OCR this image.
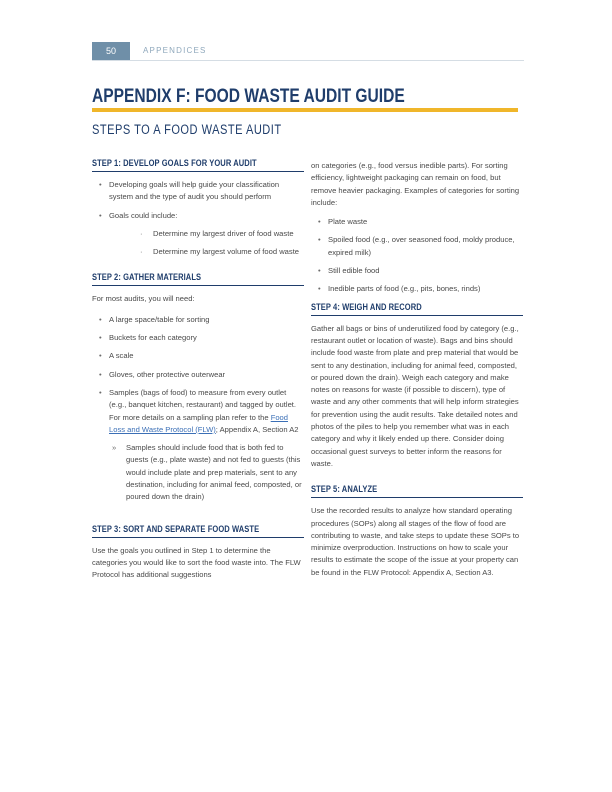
50	APPENDICES
APPENDIX F: FOOD WASTE AUDIT GUIDE
STEPS TO A FOOD WASTE AUDIT
STEP 1: DEVELOP GOALS FOR YOUR AUDIT
• Developing goals will help guide your classification system and the type of audit you should perform
• Goals could include:
· Determine my largest driver of food waste
· Determine my largest volume of food waste
STEP 2: GATHER MATERIALS

For most audits, you will need:

• A large space/table for sorting
• Buckets for each category
• A scale
• Gloves, other protective outerwear
• Samples (bags of food) to measure from every outlet (e.g., banquet kitchen, restaurant) and tagged by outlet. For more details on a sampling plan refer to the Food Loss and Waste Protocol (FLW); Appendix A, Section A2
» Samples should include food that is both fed to guests (e.g., plate waste) and not fed to guests (this would include plate and prep materials, sent to any destination, including for animal feed, composted, or poured down the drain)
STEP 3: SORT AND SEPARATE FOOD WASTE

Use the goals you outlined in Step 1 to determine the categories you would like to sort the food waste into. The FLW Protocol has additional suggestions

on categories (e.g., food versus inedible parts). For sorting efficiency, lightweight packaging can remain on food, but remove heavier packaging. Examples of categories for sorting include:

• Plate waste
• Spoiled food (e.g., over seasoned food, moldy produce, expired milk)
• Still edible food
• Inedible parts of food (e.g., pits, bones, rinds)
STEP 4: WEIGH AND RECORD

Gather all bags or bins of underutilized food by category (e.g., restaurant outlet or location of waste). Bags and bins should include food waste from plate and prep material that would be sent to any destination, including for animal feed, composted, or poured down the drain). Weigh each category and make notes on reasons for waste (if possible to discern), type of waste and any other comments that will help inform strategies for prevention using the audit results. Take detailed notes and photos of the piles to help you remember what was in each category and why it likely ended up there. Consider doing occasional guest surveys to better inform the reasons for waste.

STEP 5: ANALYZE

Use the recorded results to analyze how standard operating procedures (SOPs) along all stages of the flow of food are contributing to waste, and take steps to update these SOPs to minimize overproduction. Instructions on how to scale your results to estimate the scope of the issue at your property can be found in the FLW Protocol: Appendix A, Section A3.
